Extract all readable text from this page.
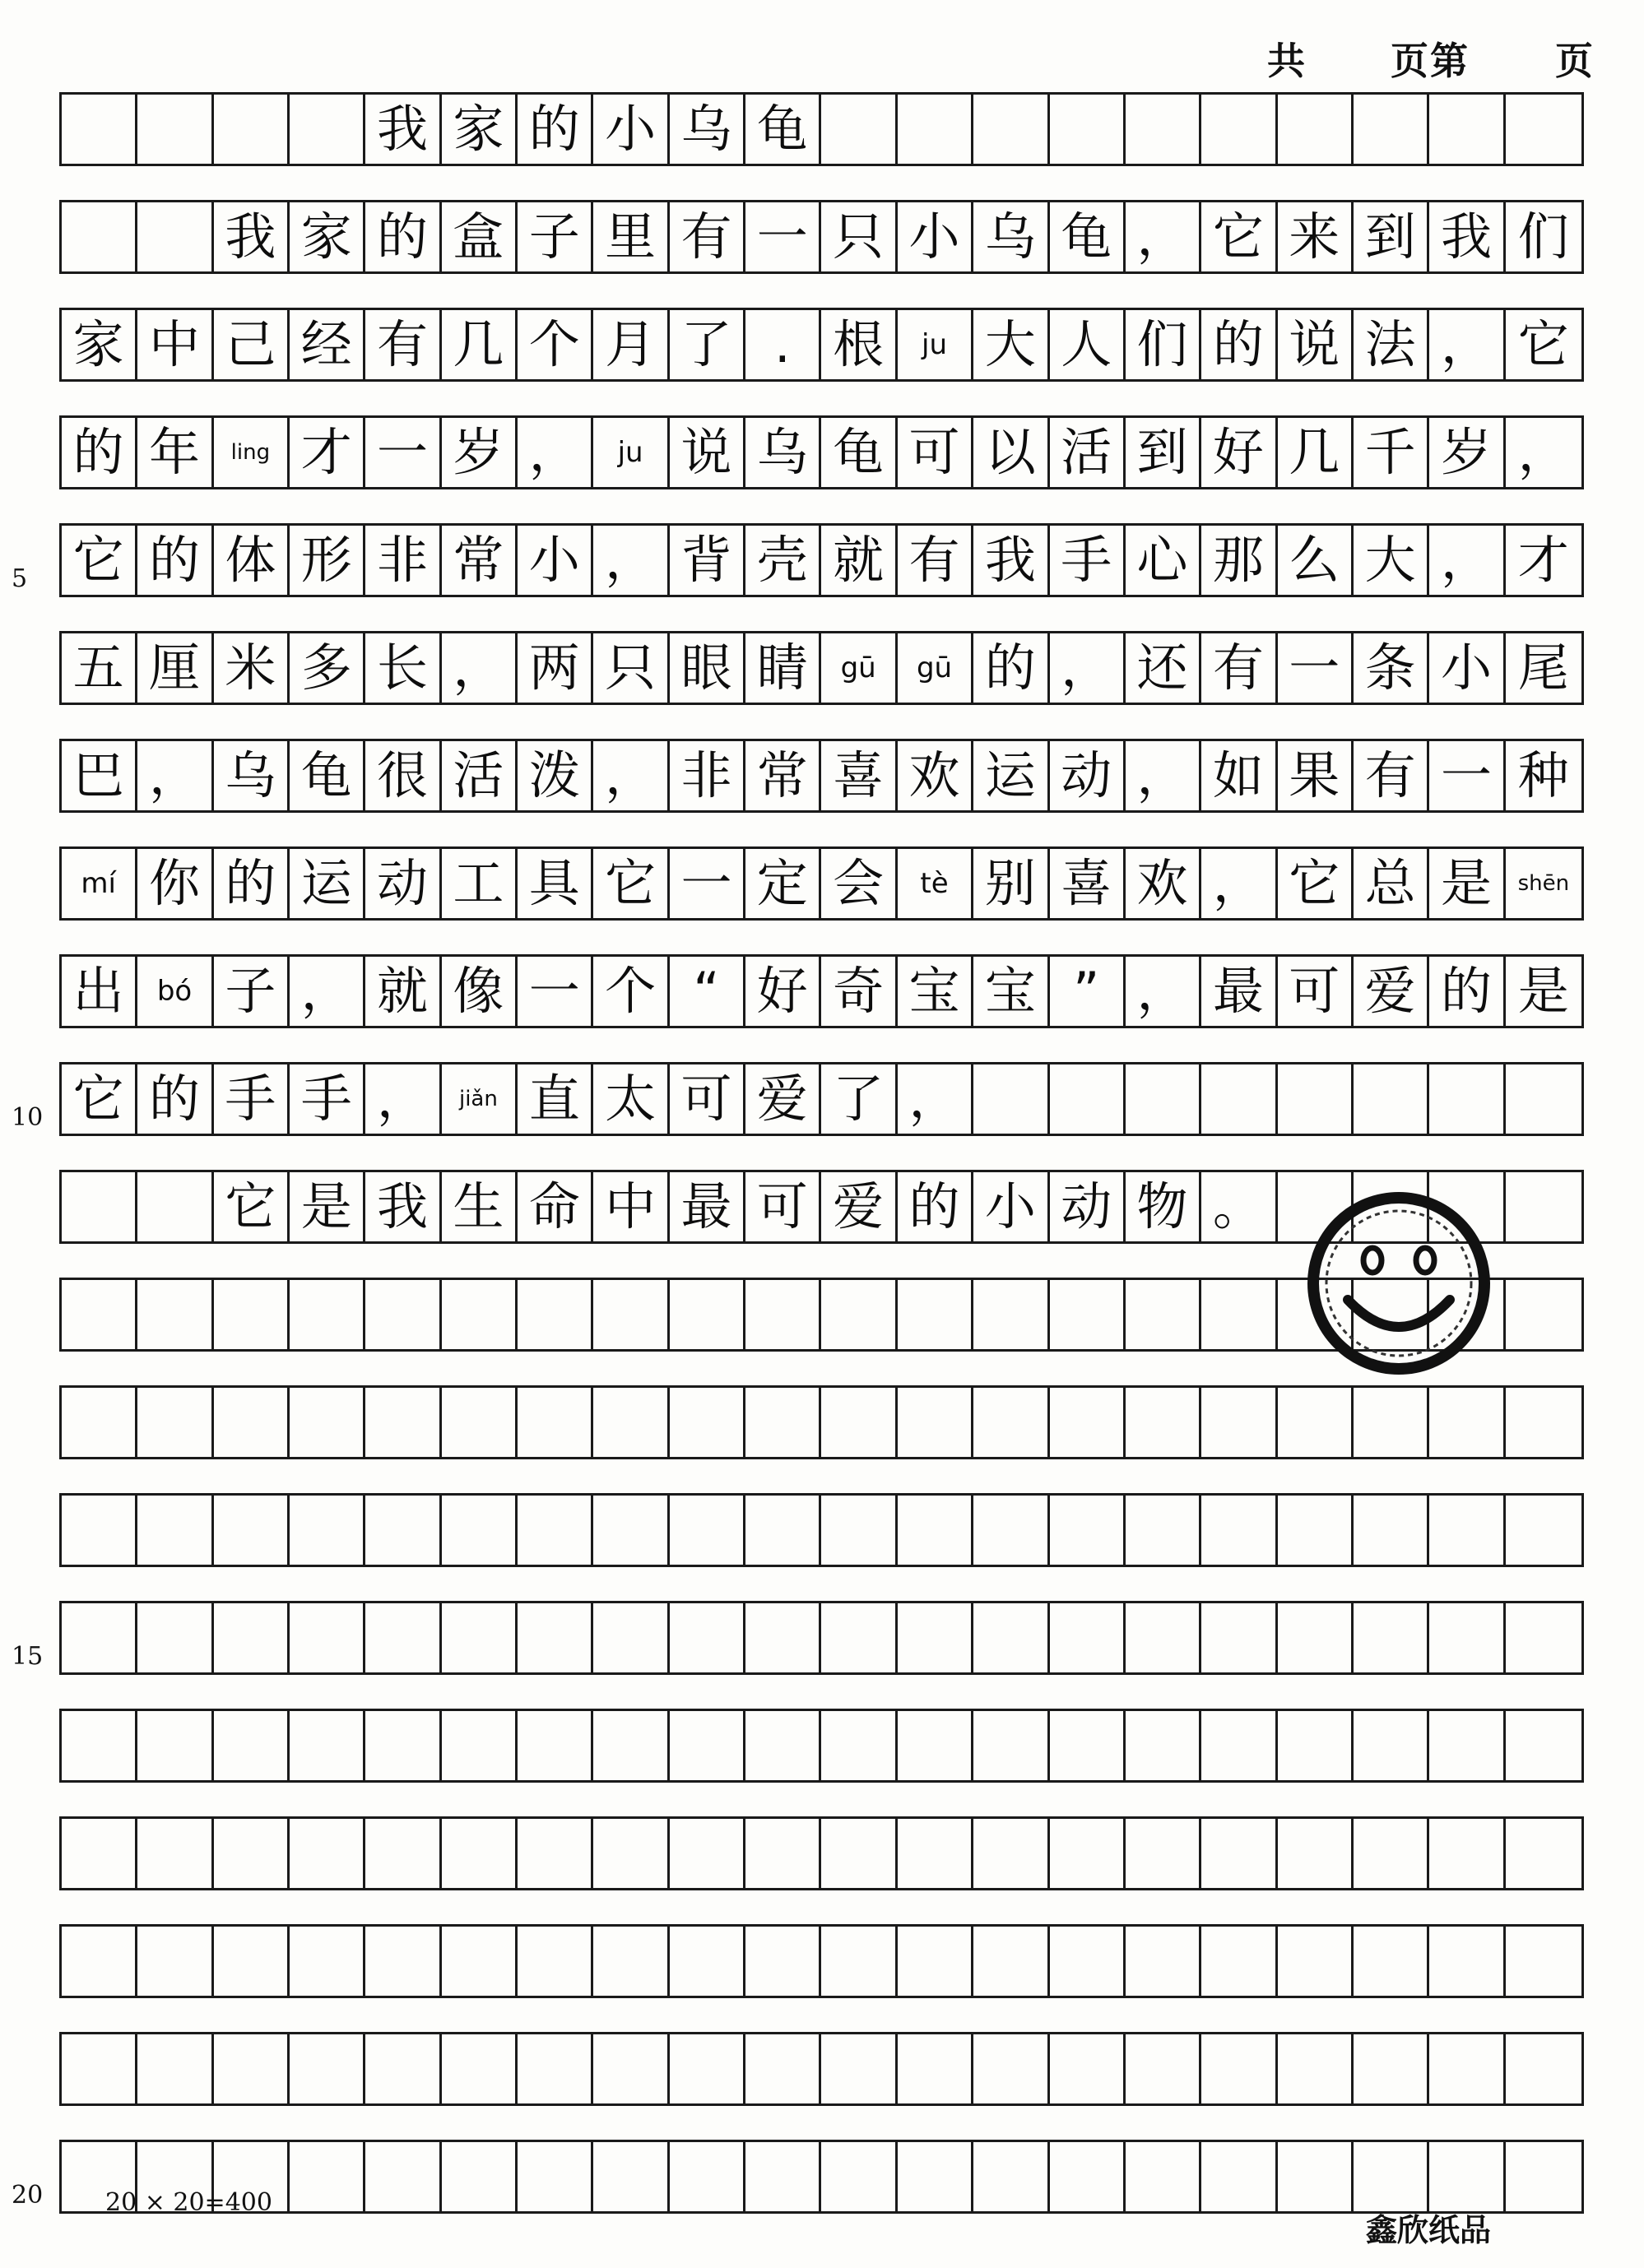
共 页第 页
我 家 的 小 乌 龟
我 家 的 盒 子 里 有 一 只 小 乌 龟 ， 它 来 到 我 们
家 中 己 经 有 几 个 月 了 . 根	ju 大 人 们 的 说 法 ， 它
的 年	ling 才 一 岁 ，	ju 说 乌 龟 可 以 活 到 好 几 千 岁 ，
它 的 体 形 非 常 小 ， 背 壳 就 有 我 手 心 那 么 大 ， 才
五 厘 米 多 长 ， 两 只 眼 睛	gū	gū 的 ， 还 有 一 条 小 尾
巴 ， 乌 龟 很 活 泼 ， 非 常 喜 欢 运 动 ， 如 果 有 一 种
mí 你 的 运 动 工 具 它 一 定 会	tè 别 喜 欢 ， 它 总 是	shēn
出	bó 子 ， 就 像 一 个 “ 好 奇 宝 宝 ” ， 最 可 爱 的 是
它 的 手 手 ，	jiǎn 直 太 可 爱 了 ，
它 是 我 生 命 中 最 可 爱 的 小 动 物 。
5
10
15
20	20 × 20=400
鑫欣纸品
